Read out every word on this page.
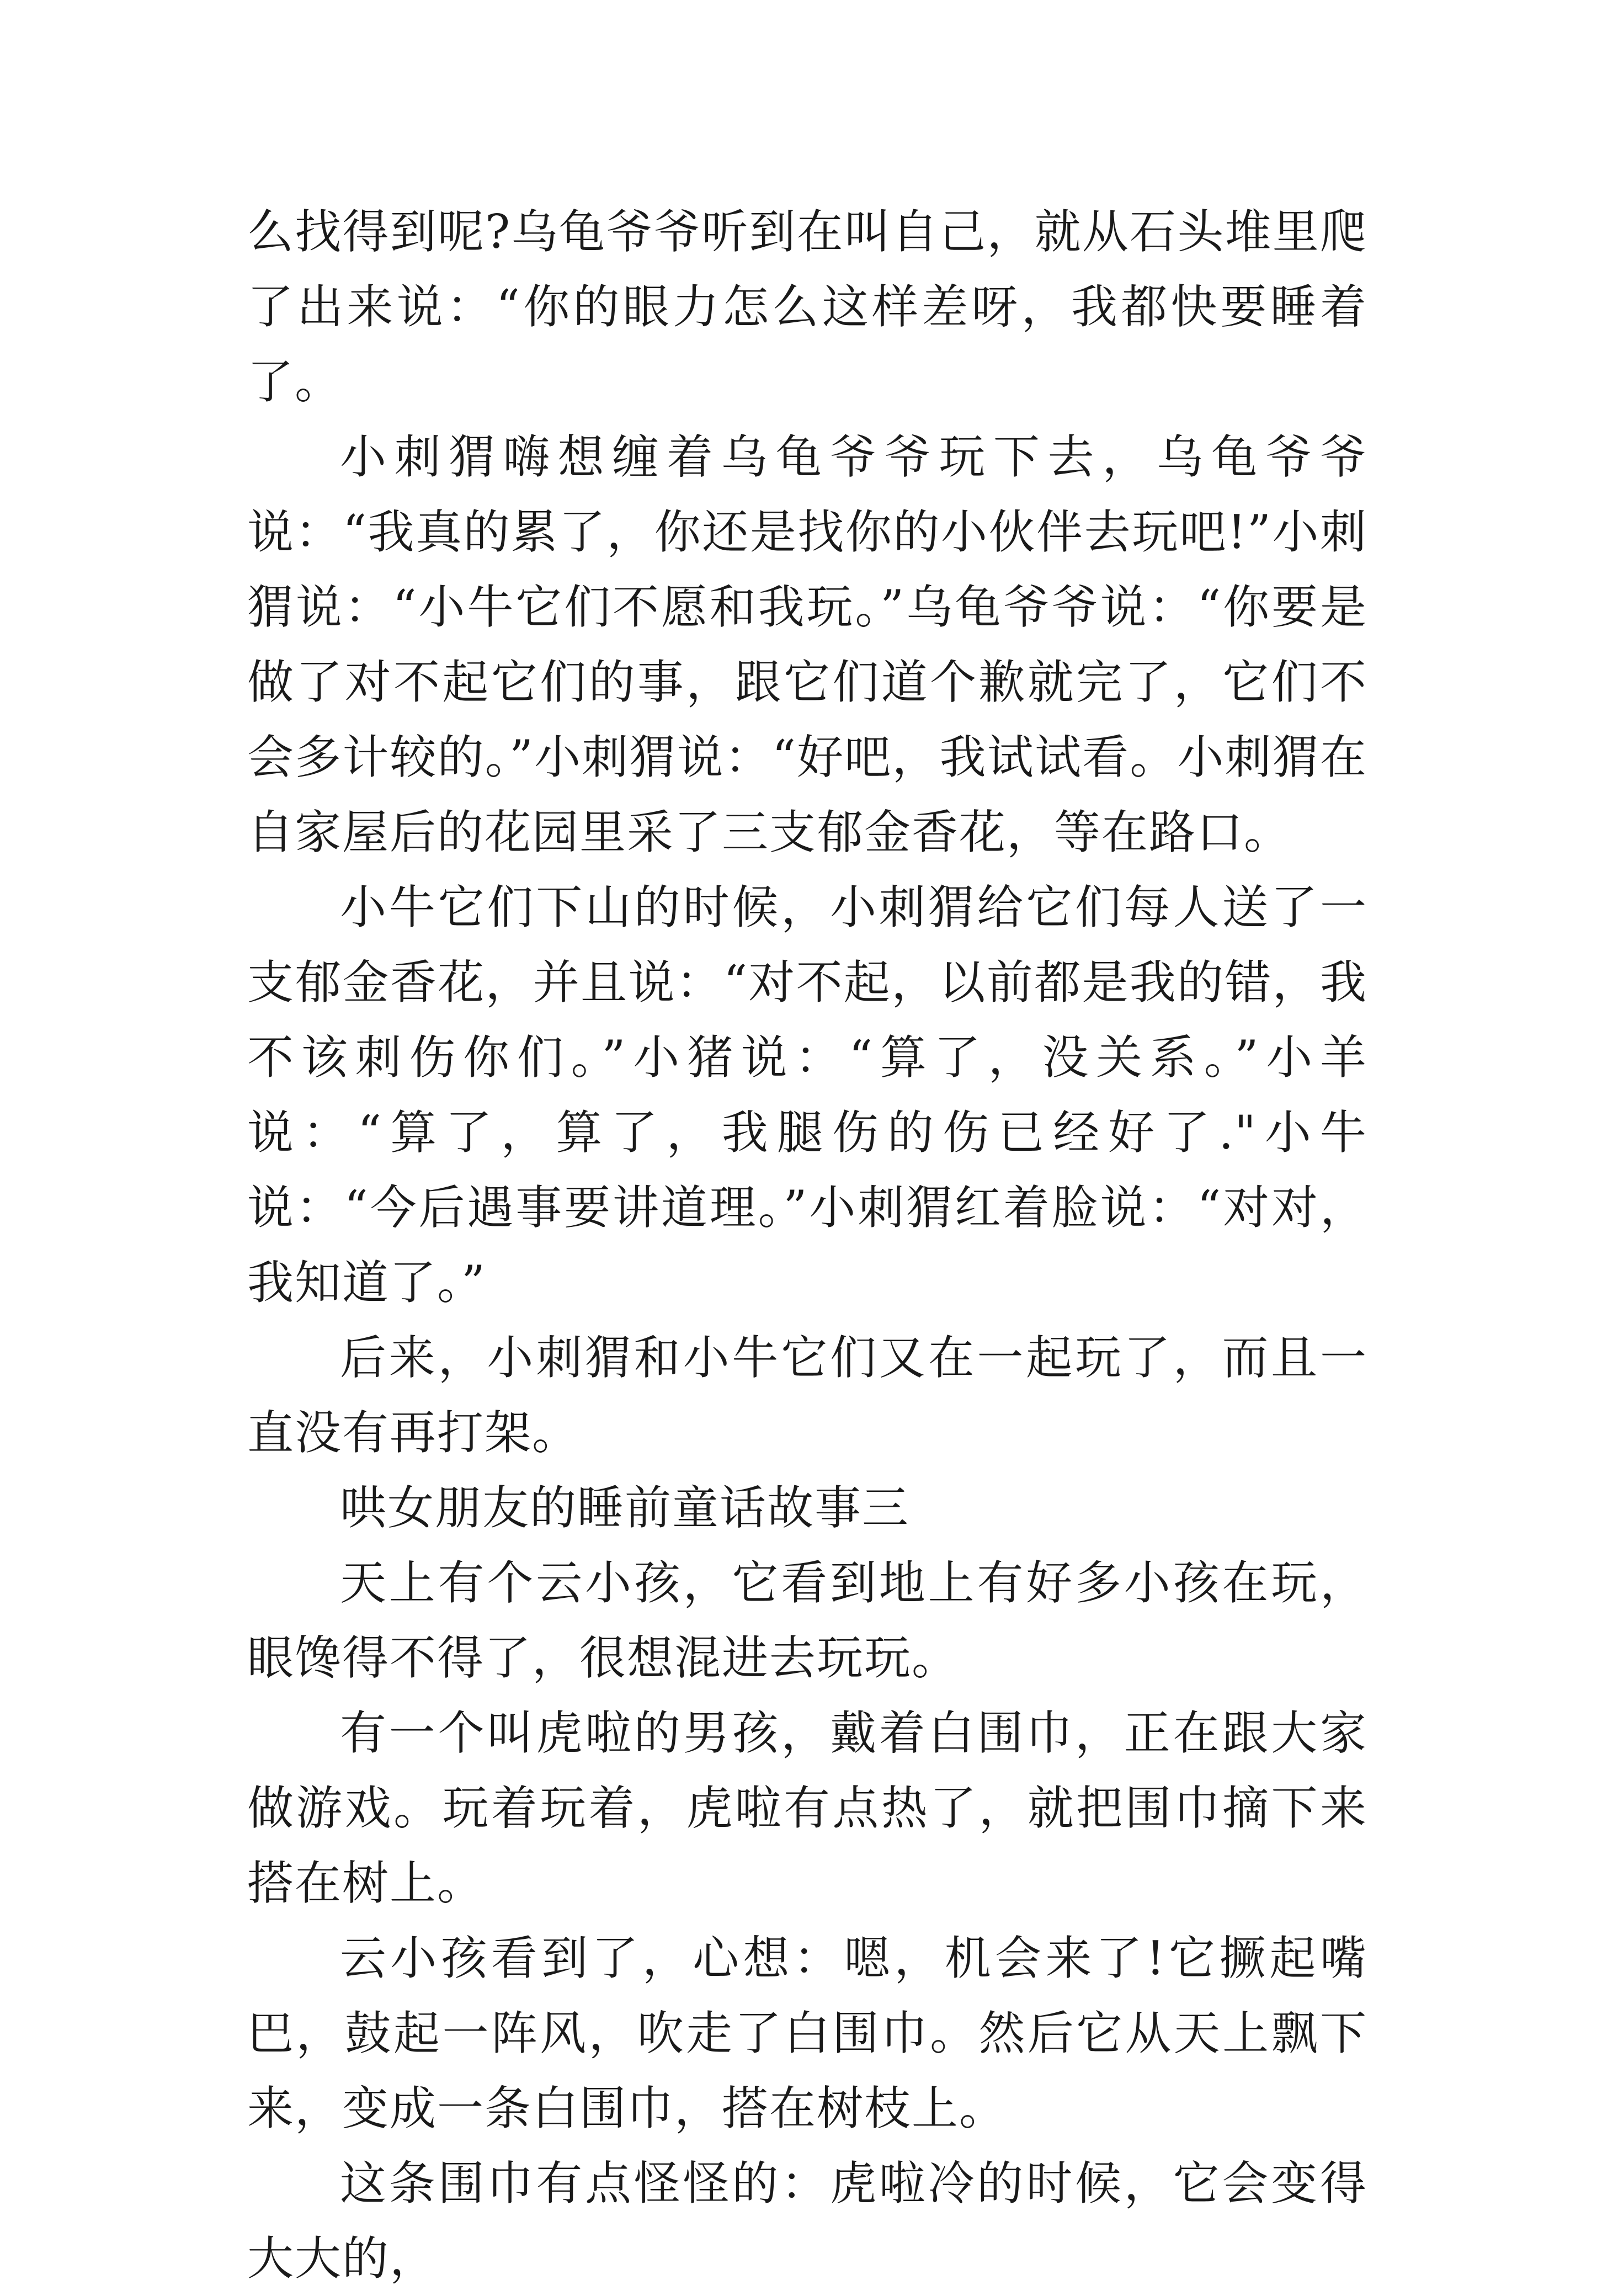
么找得到呢?乌龟爷爷听到在叫自己，就从石头堆里爬了出来说：“你的眼力怎么这样差呀，我都快要睡着了。

小刺猬嗨想缠着乌龟爷爷玩下去，乌龟爷爷说：“我真的累了，你还是找你的小伙伴去玩吧!”小刺猬说：“小牛它们不愿和我玩。”乌龟爷爷说：“你要是做了对不起它们的事，跟它们道个歉就完了，它们不会多计较的。”小刺猬说：“好吧，我试试看。小刺猬在自家屋后的花园里采了三支郁金香花，等在路口。

小牛它们下山的时候，小刺猬给它们每人送了一支郁金香花，并且说：“对不起，以前都是我的错，我不该刺伤你们。”小猪说：“算了，没关系。”小羊说：“算了，算了，我腿伤的伤已经好了."小牛说：“今后遇事要讲道理。”小刺猬红着脸说：“对对，我知道了。”

后来，小刺猬和小牛它们又在一起玩了，而且一直没有再打架。

哄女朋友的睡前童话故事三

天上有个云小孩，它看到地上有好多小孩在玩，眼馋得不得了，很想混进去玩玩。

有一个叫虎啦的男孩，戴着白围巾，正在跟大家做游戏。玩着玩着，虎啦有点热了，就把围巾摘下来搭在树上。

云小孩看到了，心想：嗯，机会来了!它撅起嘴巴，鼓起一阵风，吹走了白围巾。然后它从天上飘下来，变成一条白围巾，搭在树枝上。

这条围巾有点怪怪的：虎啦冷的时候，它会变得大大的，
